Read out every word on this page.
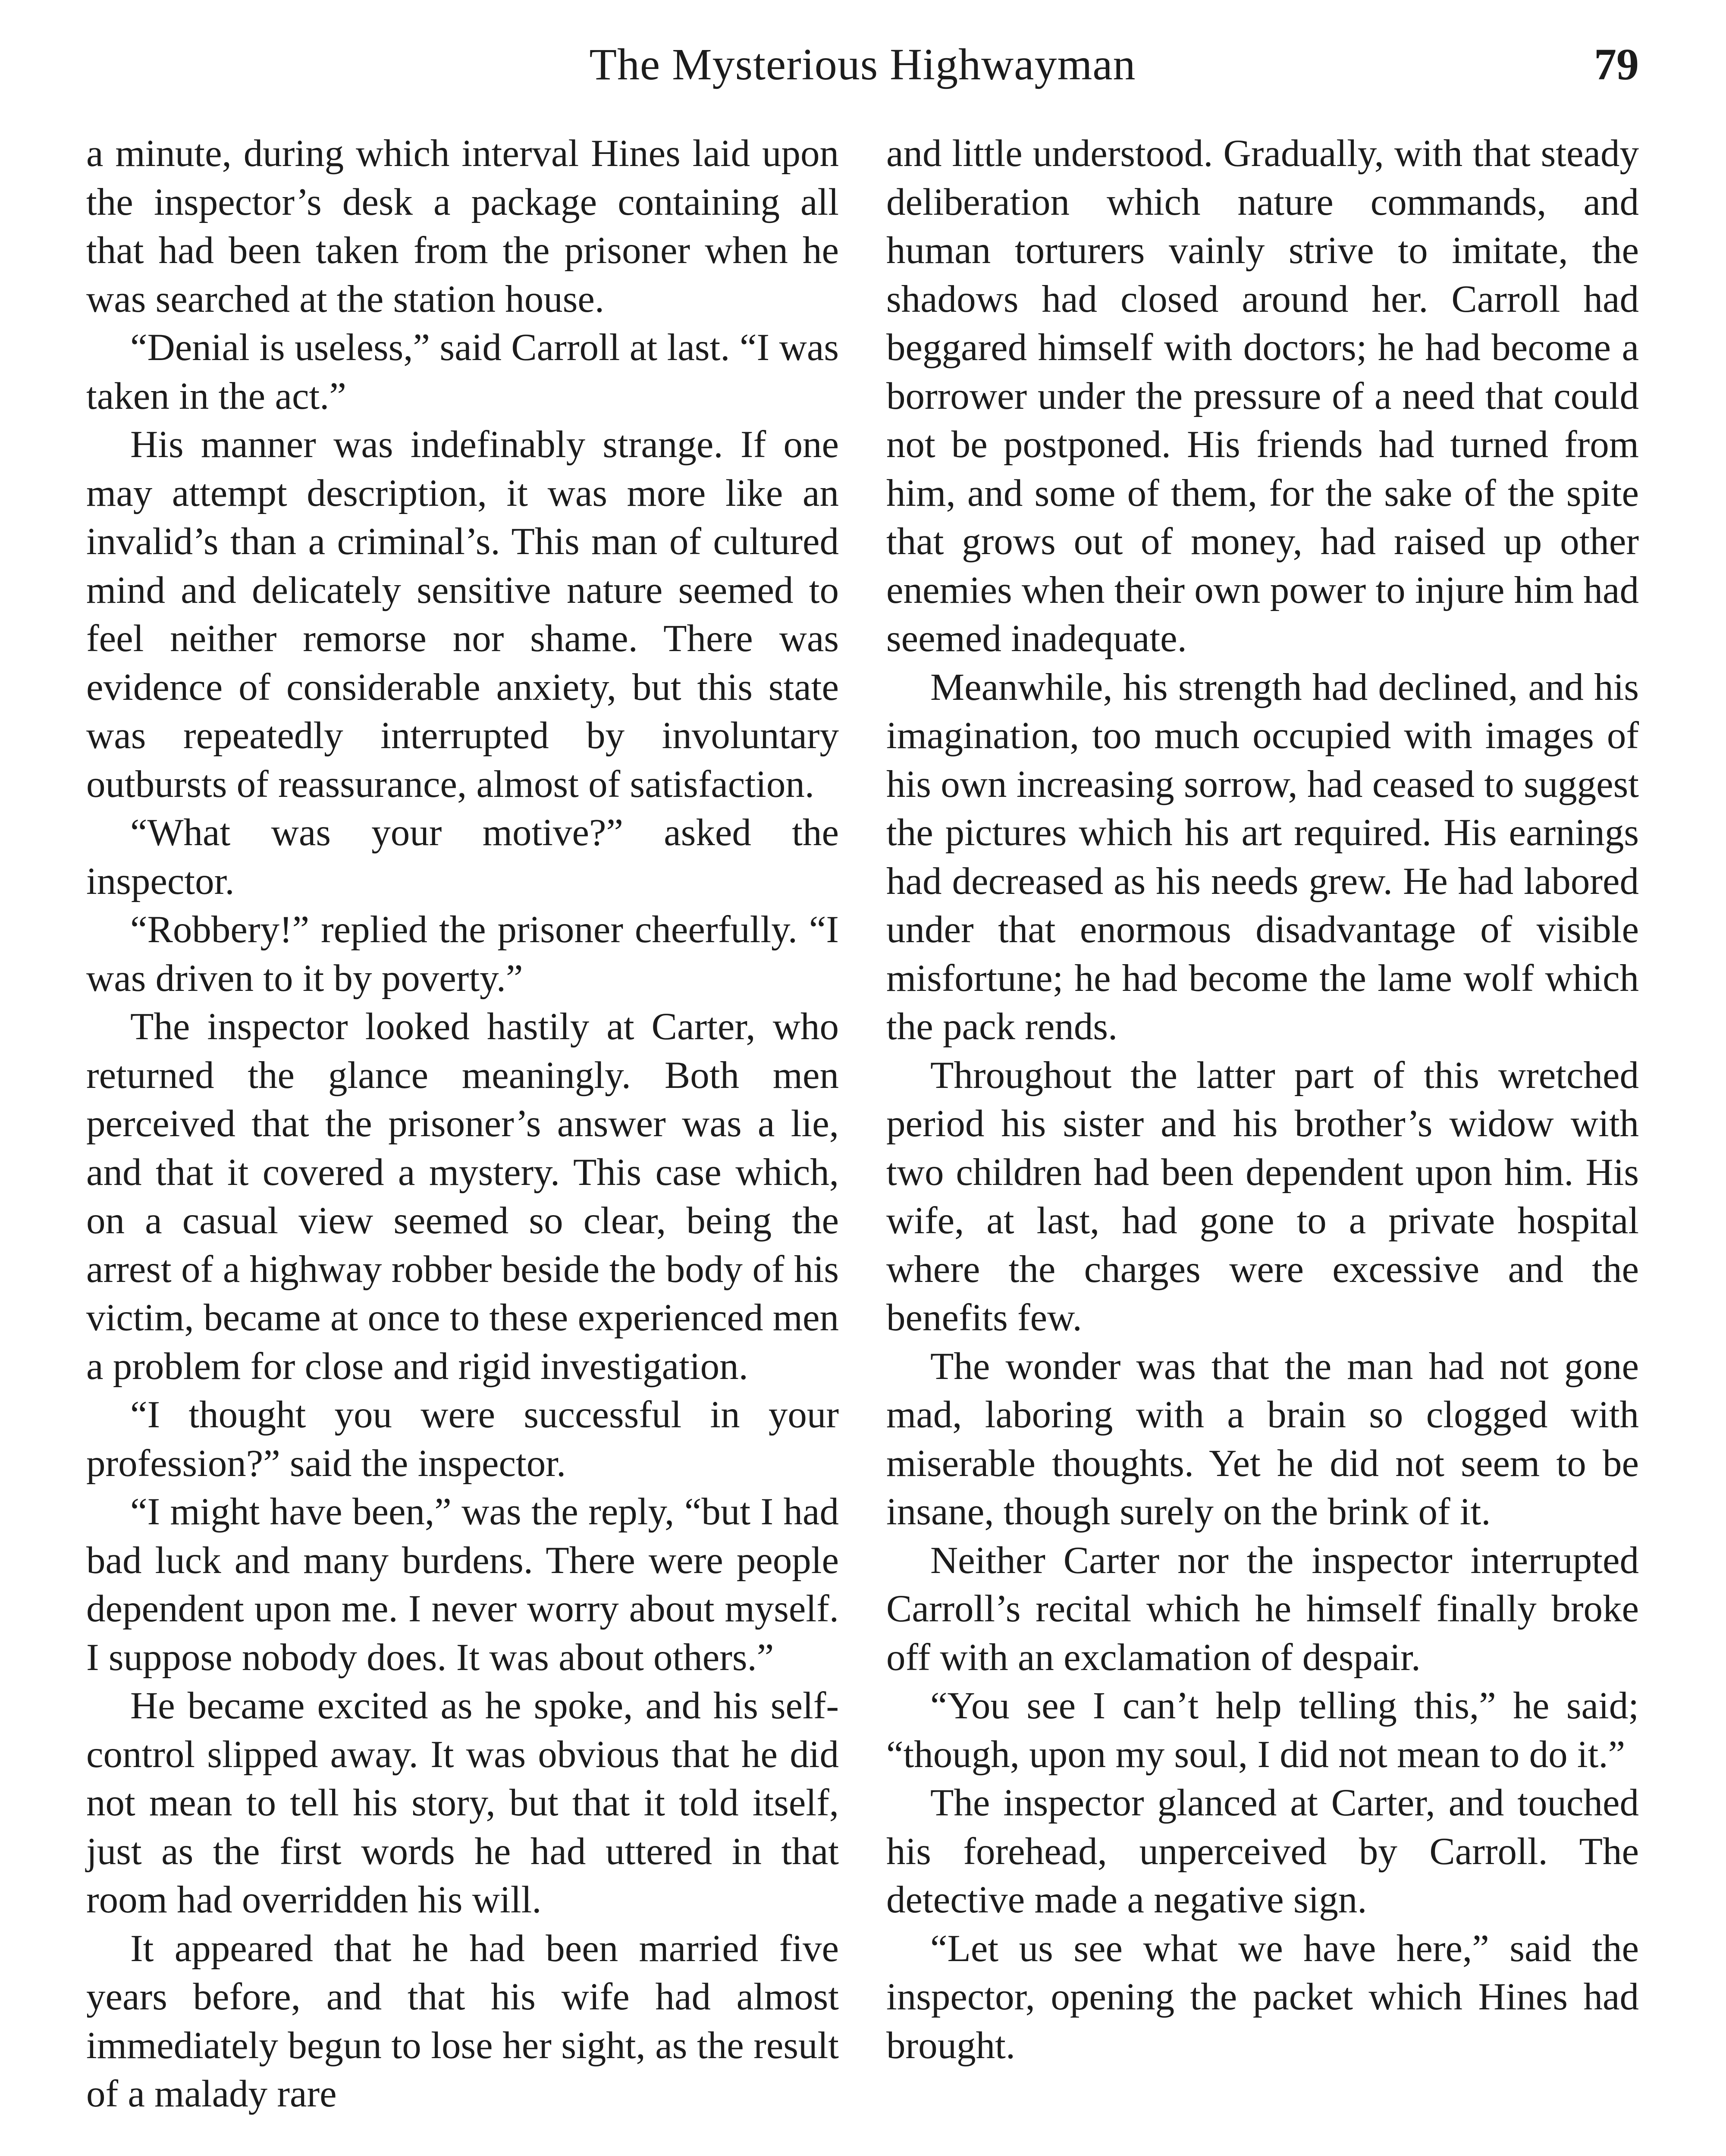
The Mysterious Highwayman	79

a minute, during which interval Hines laid upon the inspector’s desk a package containing all that had been taken from the prisoner when he was searched at the station house.

“Denial is useless,” said Carroll at last. “I was taken in the act.”

His manner was indefinably strange. If one may attempt description, it was more like an invalid’s than a criminal’s. This man of cultured mind and delicately sensitive nature seemed to feel neither remorse nor shame. There was evidence of considerable anxiety, but this state was repeatedly interrupted by involuntary outbursts of reassurance, almost of satisfaction.

“What was your motive?” asked the inspector.

“Robbery!” replied the prisoner cheerfully. “I was driven to it by poverty.”

The inspector looked hastily at Carter, who returned the glance meaningly. Both men perceived that the prisoner’s answer was a lie, and that it covered a mystery. This case which, on a casual view seemed so clear, being the arrest of a highway robber beside the body of his victim, became at once to these experienced men a problem for close and rigid investigation.

“I thought you were successful in your profession?” said the inspector.

“I might have been,” was the reply, “but I had bad luck and many burdens. There were people dependent upon me. I never worry about myself. I suppose nobody does. It was about others.”

He became excited as he spoke, and his self-control slipped away. It was obvious that he did not mean to tell his story, but that it told itself, just as the first words he had uttered in that room had overridden his will.

It appeared that he had been married five years before, and that his wife had almost immediately begun to lose her sight, as the result of a malady rare

and little understood. Gradually, with that steady deliberation which nature commands, and human torturers vainly strive to imitate, the shadows had closed around her. Carroll had beggared himself with doctors; he had become a borrower under the pressure of a need that could not be postponed. His friends had turned from him, and some of them, for the sake of the spite that grows out of money, had raised up other enemies when their own power to injure him had seemed inadequate.

Meanwhile, his strength had declined, and his imagination, too much occupied with images of his own increasing sorrow, had ceased to suggest the pictures which his art required. His earnings had decreased as his needs grew. He had labored under that enormous disadvantage of visible misfortune; he had become the lame wolf which the pack rends.

Throughout the latter part of this wretched period his sister and his brother’s widow with two children had been dependent upon him. His wife, at last, had gone to a private hospital where the charges were excessive and the benefits few.

The wonder was that the man had not gone mad, laboring with a brain so clogged with miserable thoughts. Yet he did not seem to be insane, though surely on the brink of it.

Neither Carter nor the inspector interrupted Carroll’s recital which he himself finally broke off with an exclamation of despair.

“You see I can’t help telling this,” he said; “though, upon my soul, I did not mean to do it.”

The inspector glanced at Carter, and touched his forehead, unperceived by Carroll. The detective made a negative sign.

“Let us see what we have here,” said the inspector, opening the packet which Hines had brought.
